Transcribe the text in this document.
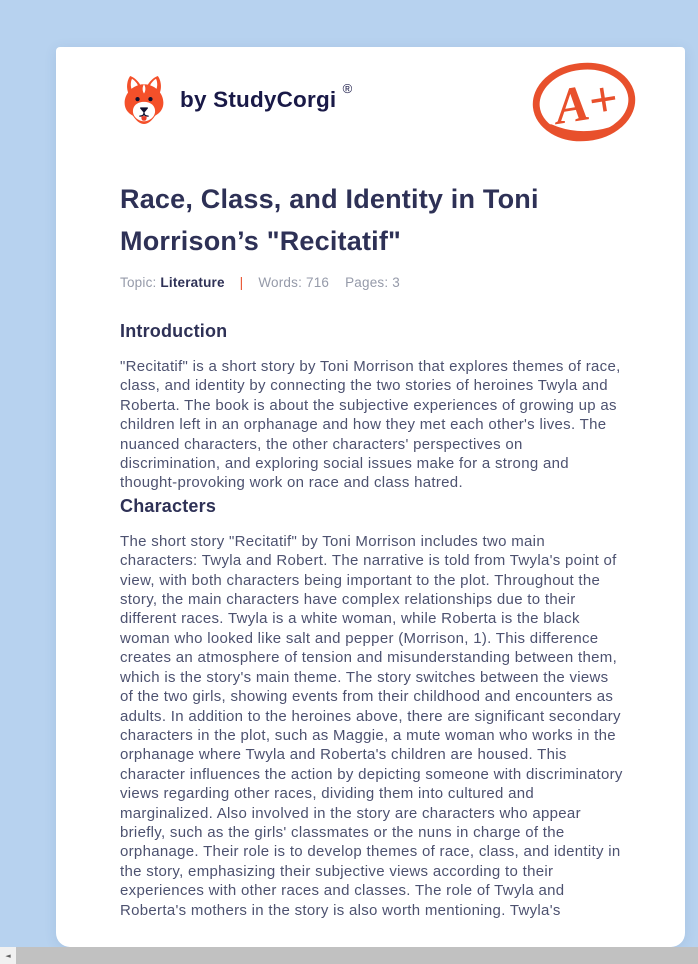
by StudyCorgi ®	A+
Race, Class, and Identity in Toni Morrison’s "Recitatif"
Topic: Literature | Words: 716 Pages: 3
Introduction

"Recitatif" is a short story by Toni Morrison that explores themes of race, class, and identity by connecting the two stories of heroines Twyla and Roberta. The book is about the subjective experiences of growing up as children left in an orphanage and how they met each other's lives. The nuanced characters, the other characters' perspectives on discrimination, and exploring social issues make for a strong and thought-provoking work on race and class hatred.

Characters

The short story "Recitatif" by Toni Morrison includes two main characters: Twyla and Robert. The narrative is told from Twyla's point of view, with both characters being important to the plot. Throughout the story, the main characters have complex relationships due to their different races. Twyla is a white woman, while Roberta is the black woman who looked like salt and pepper (Morrison, 1). This difference creates an atmosphere of tension and misunderstanding between them, which is the story's main theme. The story switches between the views of the two girls, showing events from their childhood and encounters as adults. In addition to the heroines above, there are significant secondary characters in the plot, such as Maggie, a mute woman who works in the orphanage where Twyla and Roberta's children are housed. This character influences the action by depicting someone with discriminatory views regarding other races, dividing them into cultured and marginalized. Also involved in the story are characters who appear briefly, such as the girls' classmates or the nuns in charge of the orphanage. Their role is to develop themes of race, class, and identity in the story, emphasizing their subjective views according to their experiences with other races and classes. The role of Twyla and Roberta's mothers in the story is also worth mentioning. Twyla's

◄
